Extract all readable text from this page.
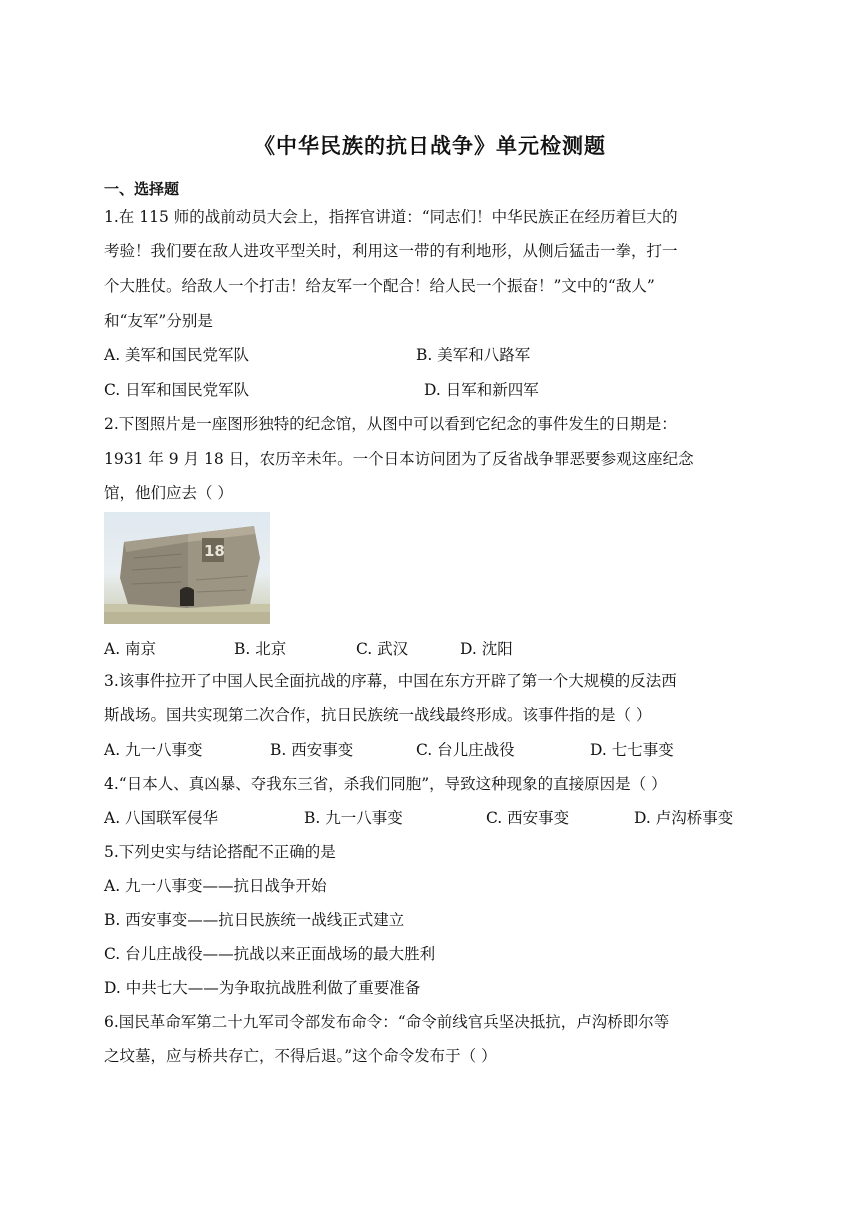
《中华民族的抗日战争》单元检测题
一、选择题
1.在 115 师的战前动员大会上，指挥官讲道：“同志们！中华民族正在经历着巨大的
考验！我们要在敌人进攻平型关时，利用这一带的有利地形，从侧后猛击一拳，打一
个大胜仗。给敌人一个打击！给友军一个配合！给人民一个振奋！”文中的“敌人”
和“友军”分别是
A. 美军和国民党军队	B. 美军和八路军
C. 日军和国民党军队	D. 日军和新四军
2.下图照片是一座图形独特的纪念馆，从图中可以看到它纪念的事件发生的日期是：
1931 年 9 月 18 日，农历辛未年。一个日本访问团为了反省战争罪恶要参观这座纪念
馆，他们应去（ ）
18
A. 南京	B. 北京	C. 武汉	D. 沈阳
3.该事件拉开了中国人民全面抗战的序幕，中国在东方开辟了第一个大规模的反法西
斯战场。国共实现第二次合作，抗日民族统一战线最终形成。该事件指的是（ ）
A. 九一八事变	B. 西安事变	C. 台儿庄战役	D. 七七事变
4.“日本人、真凶暴、夺我东三省，杀我们同胞”，导致这种现象的直接原因是（ ）
A. 八国联军侵华	B. 九一八事变	C. 西安事变	D. 卢沟桥事变
5.下列史实与结论搭配不正确的是
A. 九一八事变——抗日战争开始
B. 西安事变——抗日民族统一战线正式建立
C. 台儿庄战役——抗战以来正面战场的最大胜利
D. 中共七大——为争取抗战胜利做了重要准备
6.国民革命军第二十九军司令部发布命令：“命令前线官兵坚决抵抗，卢沟桥即尔等
之坟墓，应与桥共存亡，不得后退。”这个命令发布于（ ）
